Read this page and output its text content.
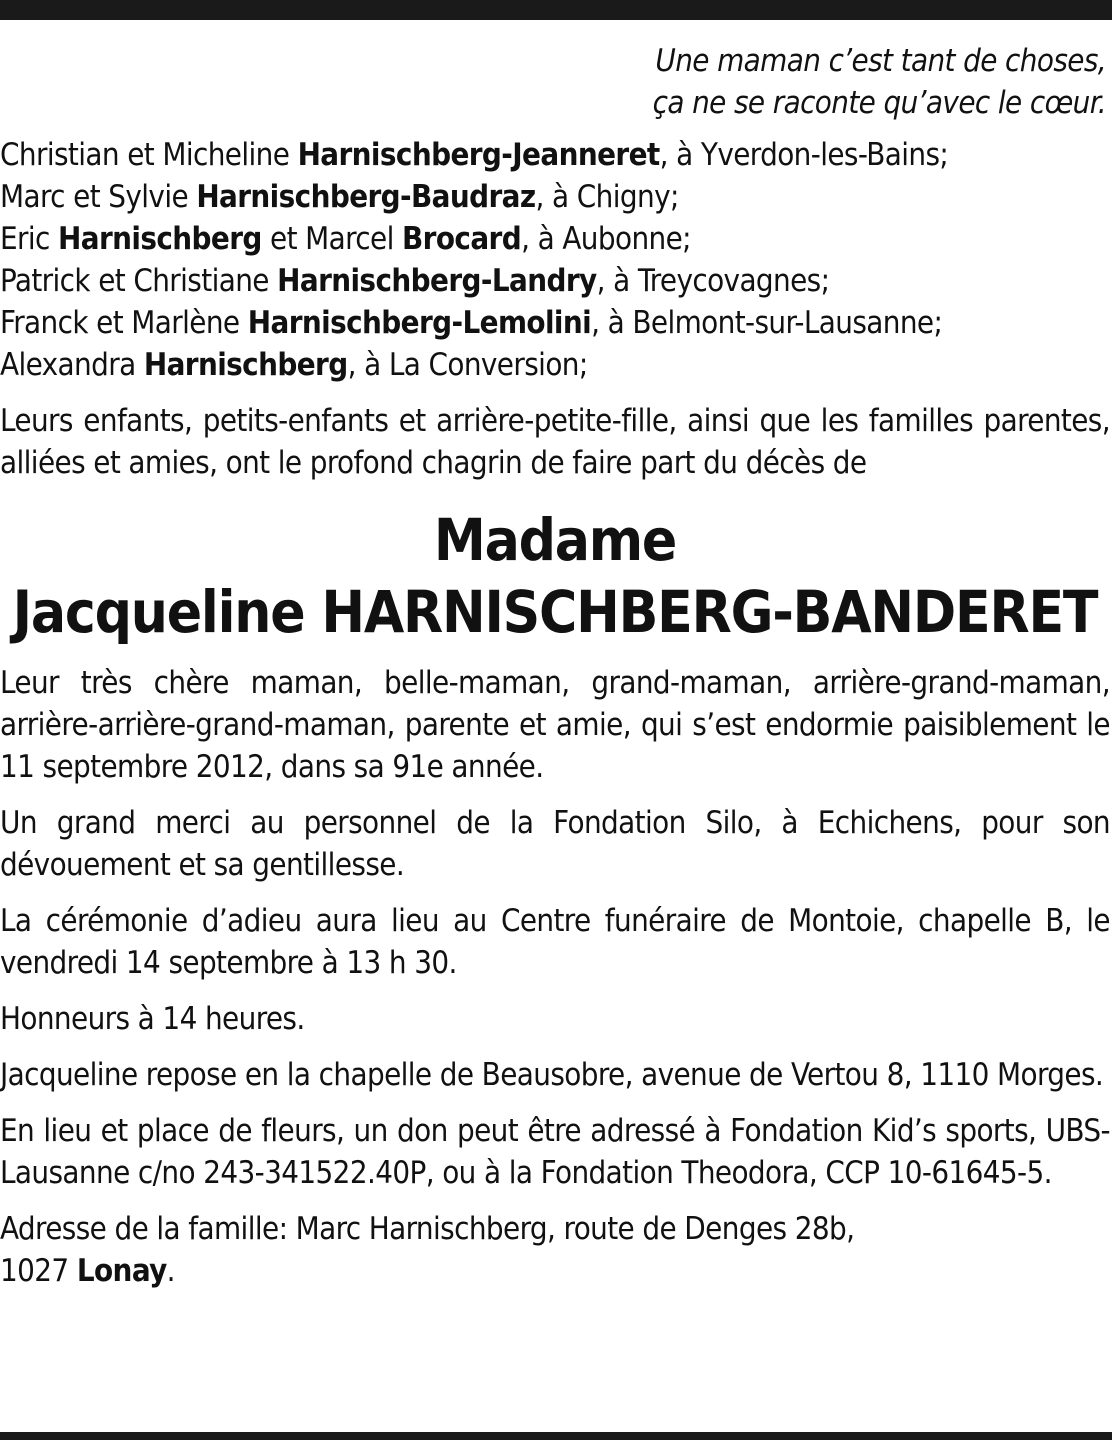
Une maman c’est tant de choses,
ça ne se raconte qu’avec le cœur.

Christian et Micheline Harnischberg-Jeanneret, à Yverdon-les-Bains;

Marc et Sylvie Harnischberg-Baudraz, à Chigny;

Eric Harnischberg et Marcel Brocard, à Aubonne;

Patrick et Christiane Harnischberg-Landry, à Treycovagnes;

Franck et Marlène Harnischberg-Lemolini, à Belmont-sur-Lausanne;

Alexandra Harnischberg, à La Conversion;

Leurs enfants, petits-enfants et arrière-petite-fille, ainsi que les familles parentes, alliées et amies, ont le profond chagrin de faire part du décès de

Madame
Jacqueline HARNISCHBERG-BANDERET

Leur très chère maman, belle-maman, grand-maman, arrière-grand-maman, arrière-arrière-grand-maman, parente et amie, qui s’est endormie paisiblement le 11 septembre 2012, dans sa 91e année.

Un grand merci au personnel de la Fondation Silo, à Echichens, pour son dévouement et sa gentillesse.

La cérémonie d’adieu aura lieu au Centre funéraire de Montoie, chapelle B, le vendredi 14 septembre à 13 h 30.

Honneurs à 14 heures.

Jacqueline repose en la chapelle de Beausobre, avenue de Vertou 8, 1110 Morges.

En lieu et place de fleurs, un don peut être adressé à Fondation Kid’s sports, UBS-Lausanne c/no 243-341522.40P, ou à la Fondation Theodora, CCP 10-61645-5.

Adresse de la famille: Marc Harnischberg, route de Denges 28b,
1027 Lonay.
